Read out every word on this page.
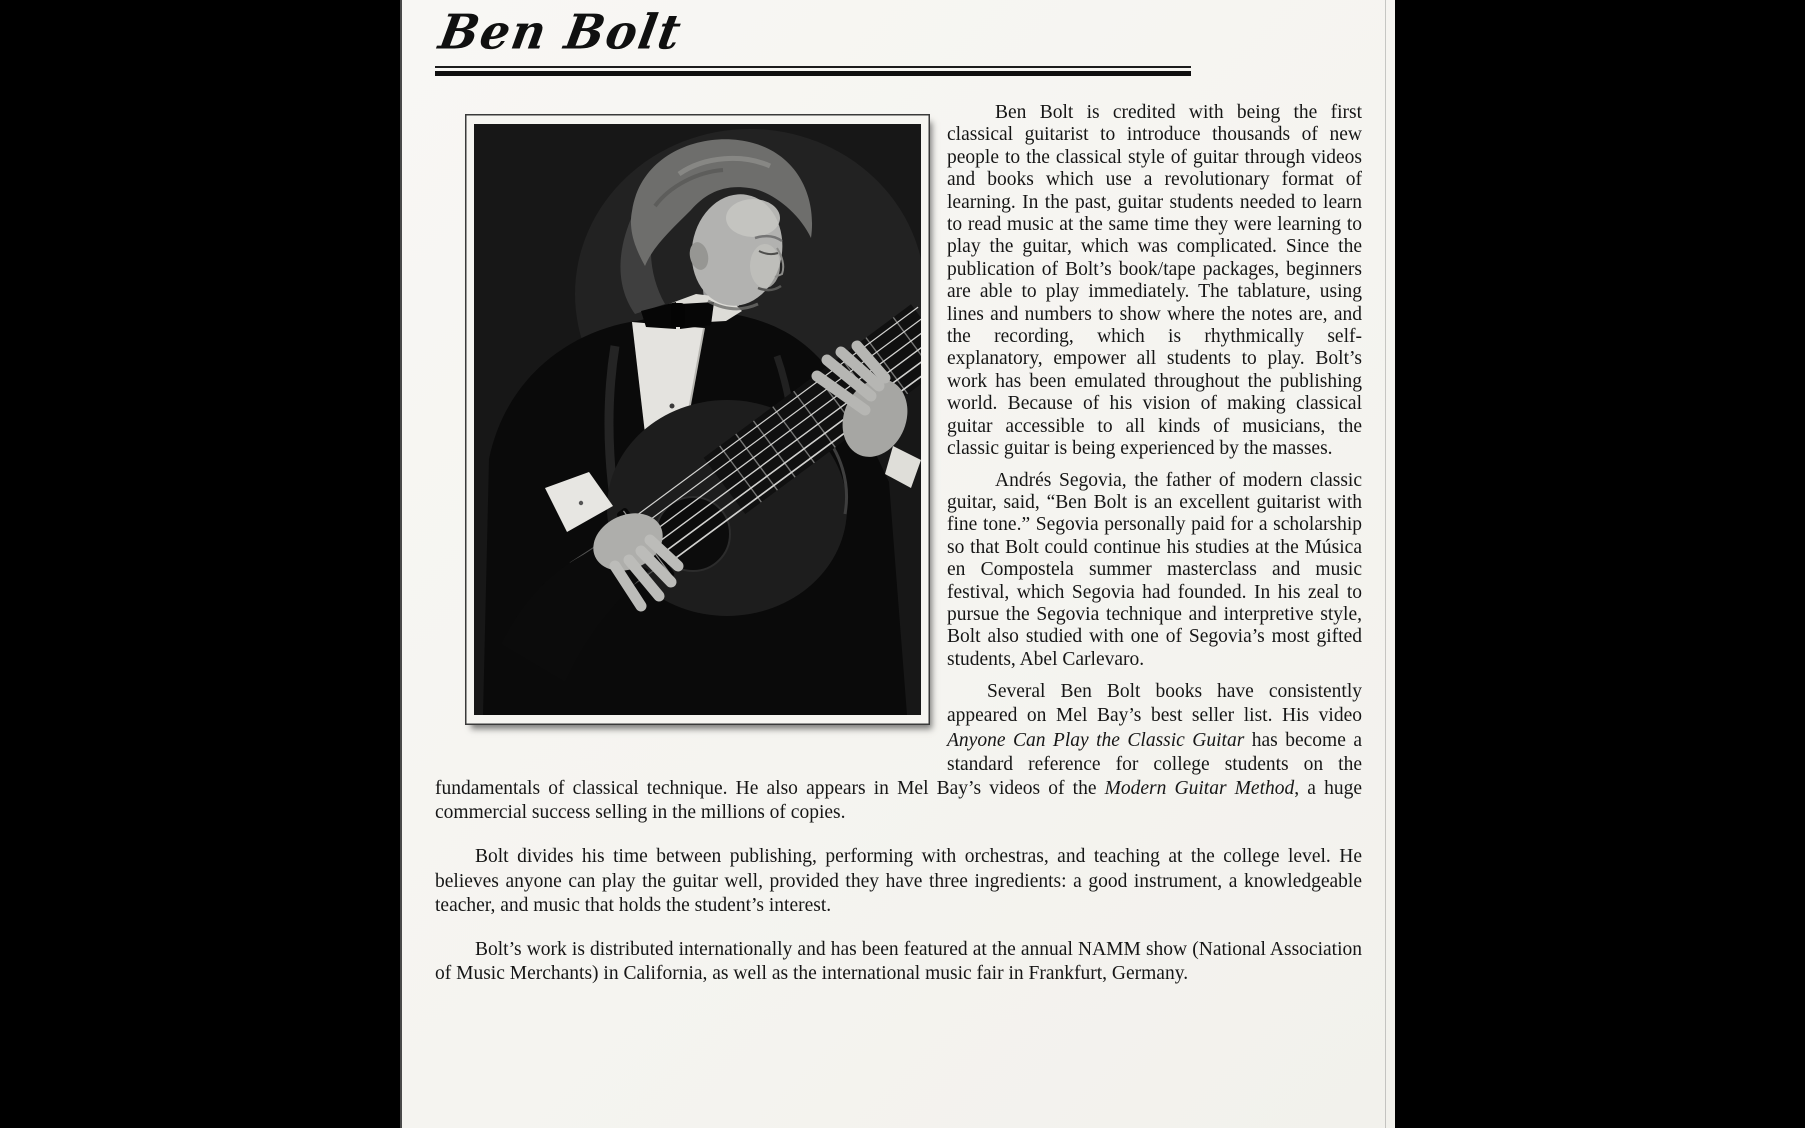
Ben Bolt

Ben Bolt is credited with being the first classical guitarist to introduce thousands of new people to the classical style of guitar through videos and books which use a revolutionary format of learning. In the past, guitar students needed to learn to read music at the same time they were learning to play the guitar, which was complicated. Since the publication of Bolt’s book/tape packages, beginners are able to play immediately. The tablature, using lines and numbers to show where the notes are, and the recording, which is rhythmically self-explanatory, empower all students to play. Bolt’s work has been emulated throughout the publishing world. Because of his vision of making classical guitar accessible to all kinds of musicians, the classic guitar is being experienced by the masses.

Andrés Segovia, the father of modern classic guitar, said, “Ben Bolt is an excellent guitarist with fine tone.” Segovia personally paid for a scholarship so that Bolt could continue his studies at the Música en Compostela summer masterclass and music festival, which Segovia had founded. In his zeal to pursue the Segovia technique and interpretive style, Bolt also studied with one of Segovia’s most gifted students, Abel Carlevaro.

Several Ben Bolt books have consistently appeared on Mel Bay’s best seller list. His video Anyone Can Play the Classic Guitar has become a standard reference for college students on the fundamentals of classical technique. He also appears in Mel Bay’s videos of the Modern Guitar Method, a huge commercial success selling in the millions of copies.

Bolt divides his time between publishing, performing with orchestras, and teaching at the college level. He believes anyone can play the guitar well, provided they have three ingredients: a good instrument, a knowledgeable teacher, and music that holds the student’s interest.

Bolt’s work is distributed internationally and has been featured at the annual NAMM show (National Association of Music Merchants) in California, as well as the international music fair in Frankfurt, Germany.
